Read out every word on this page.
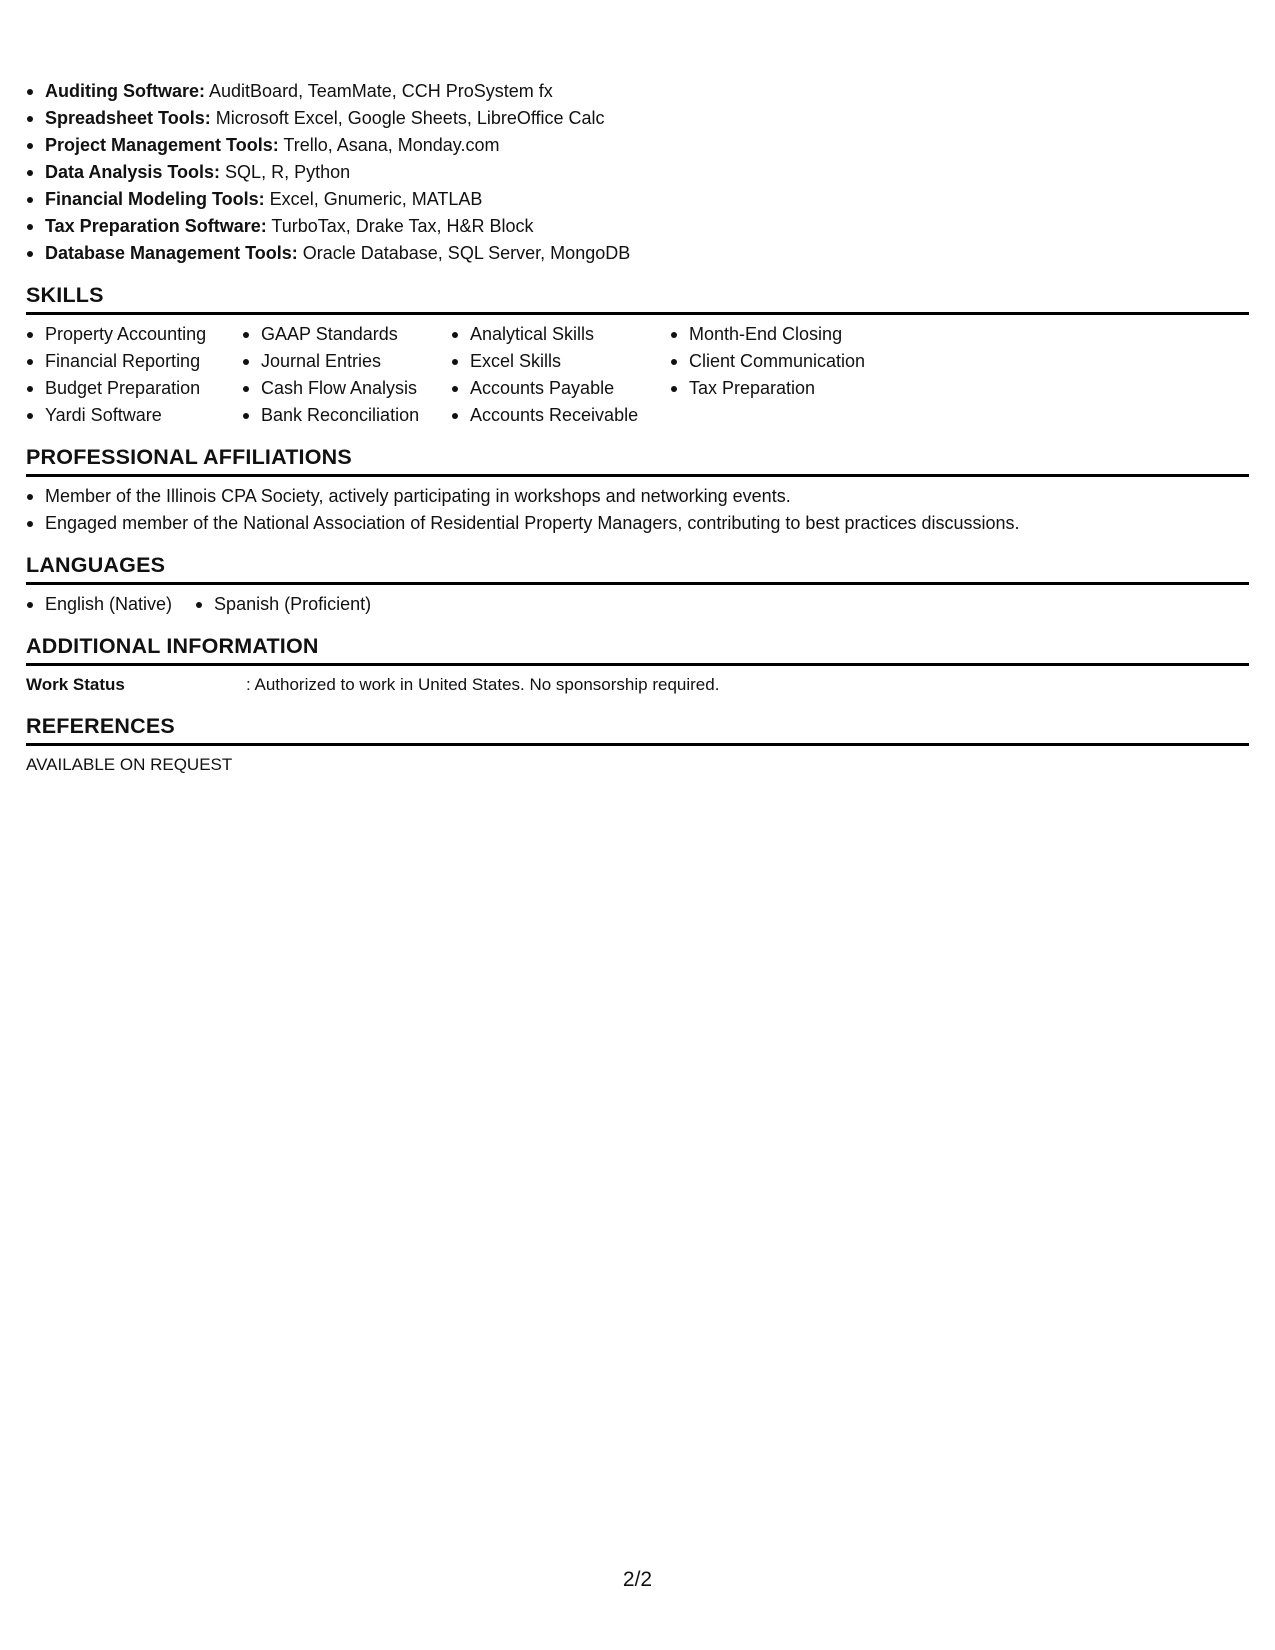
Auditing Software: AuditBoard, TeamMate, CCH ProSystem fx
Spreadsheet Tools: Microsoft Excel, Google Sheets, LibreOffice Calc
Project Management Tools: Trello, Asana, Monday.com
Data Analysis Tools: SQL, R, Python
Financial Modeling Tools: Excel, Gnumeric, MATLAB
Tax Preparation Software: TurboTax, Drake Tax, H&R Block
Database Management Tools: Oracle Database, SQL Server, MongoDB
SKILLS
Property Accounting
Financial Reporting
Budget Preparation
Yardi Software
GAAP Standards
Journal Entries
Cash Flow Analysis
Bank Reconciliation
Analytical Skills
Excel Skills
Accounts Payable
Accounts Receivable
Month-End Closing
Client Communication
Tax Preparation
PROFESSIONAL AFFILIATIONS
Member of the Illinois CPA Society, actively participating in workshops and networking events.
Engaged member of the National Association of Residential Property Managers, contributing to best practices discussions.
LANGUAGES
English (Native)	Spanish (Proficient)
ADDITIONAL INFORMATION
Work Status	: Authorized to work in United States. No sponsorship required.
REFERENCES
AVAILABLE ON REQUEST
2/2
